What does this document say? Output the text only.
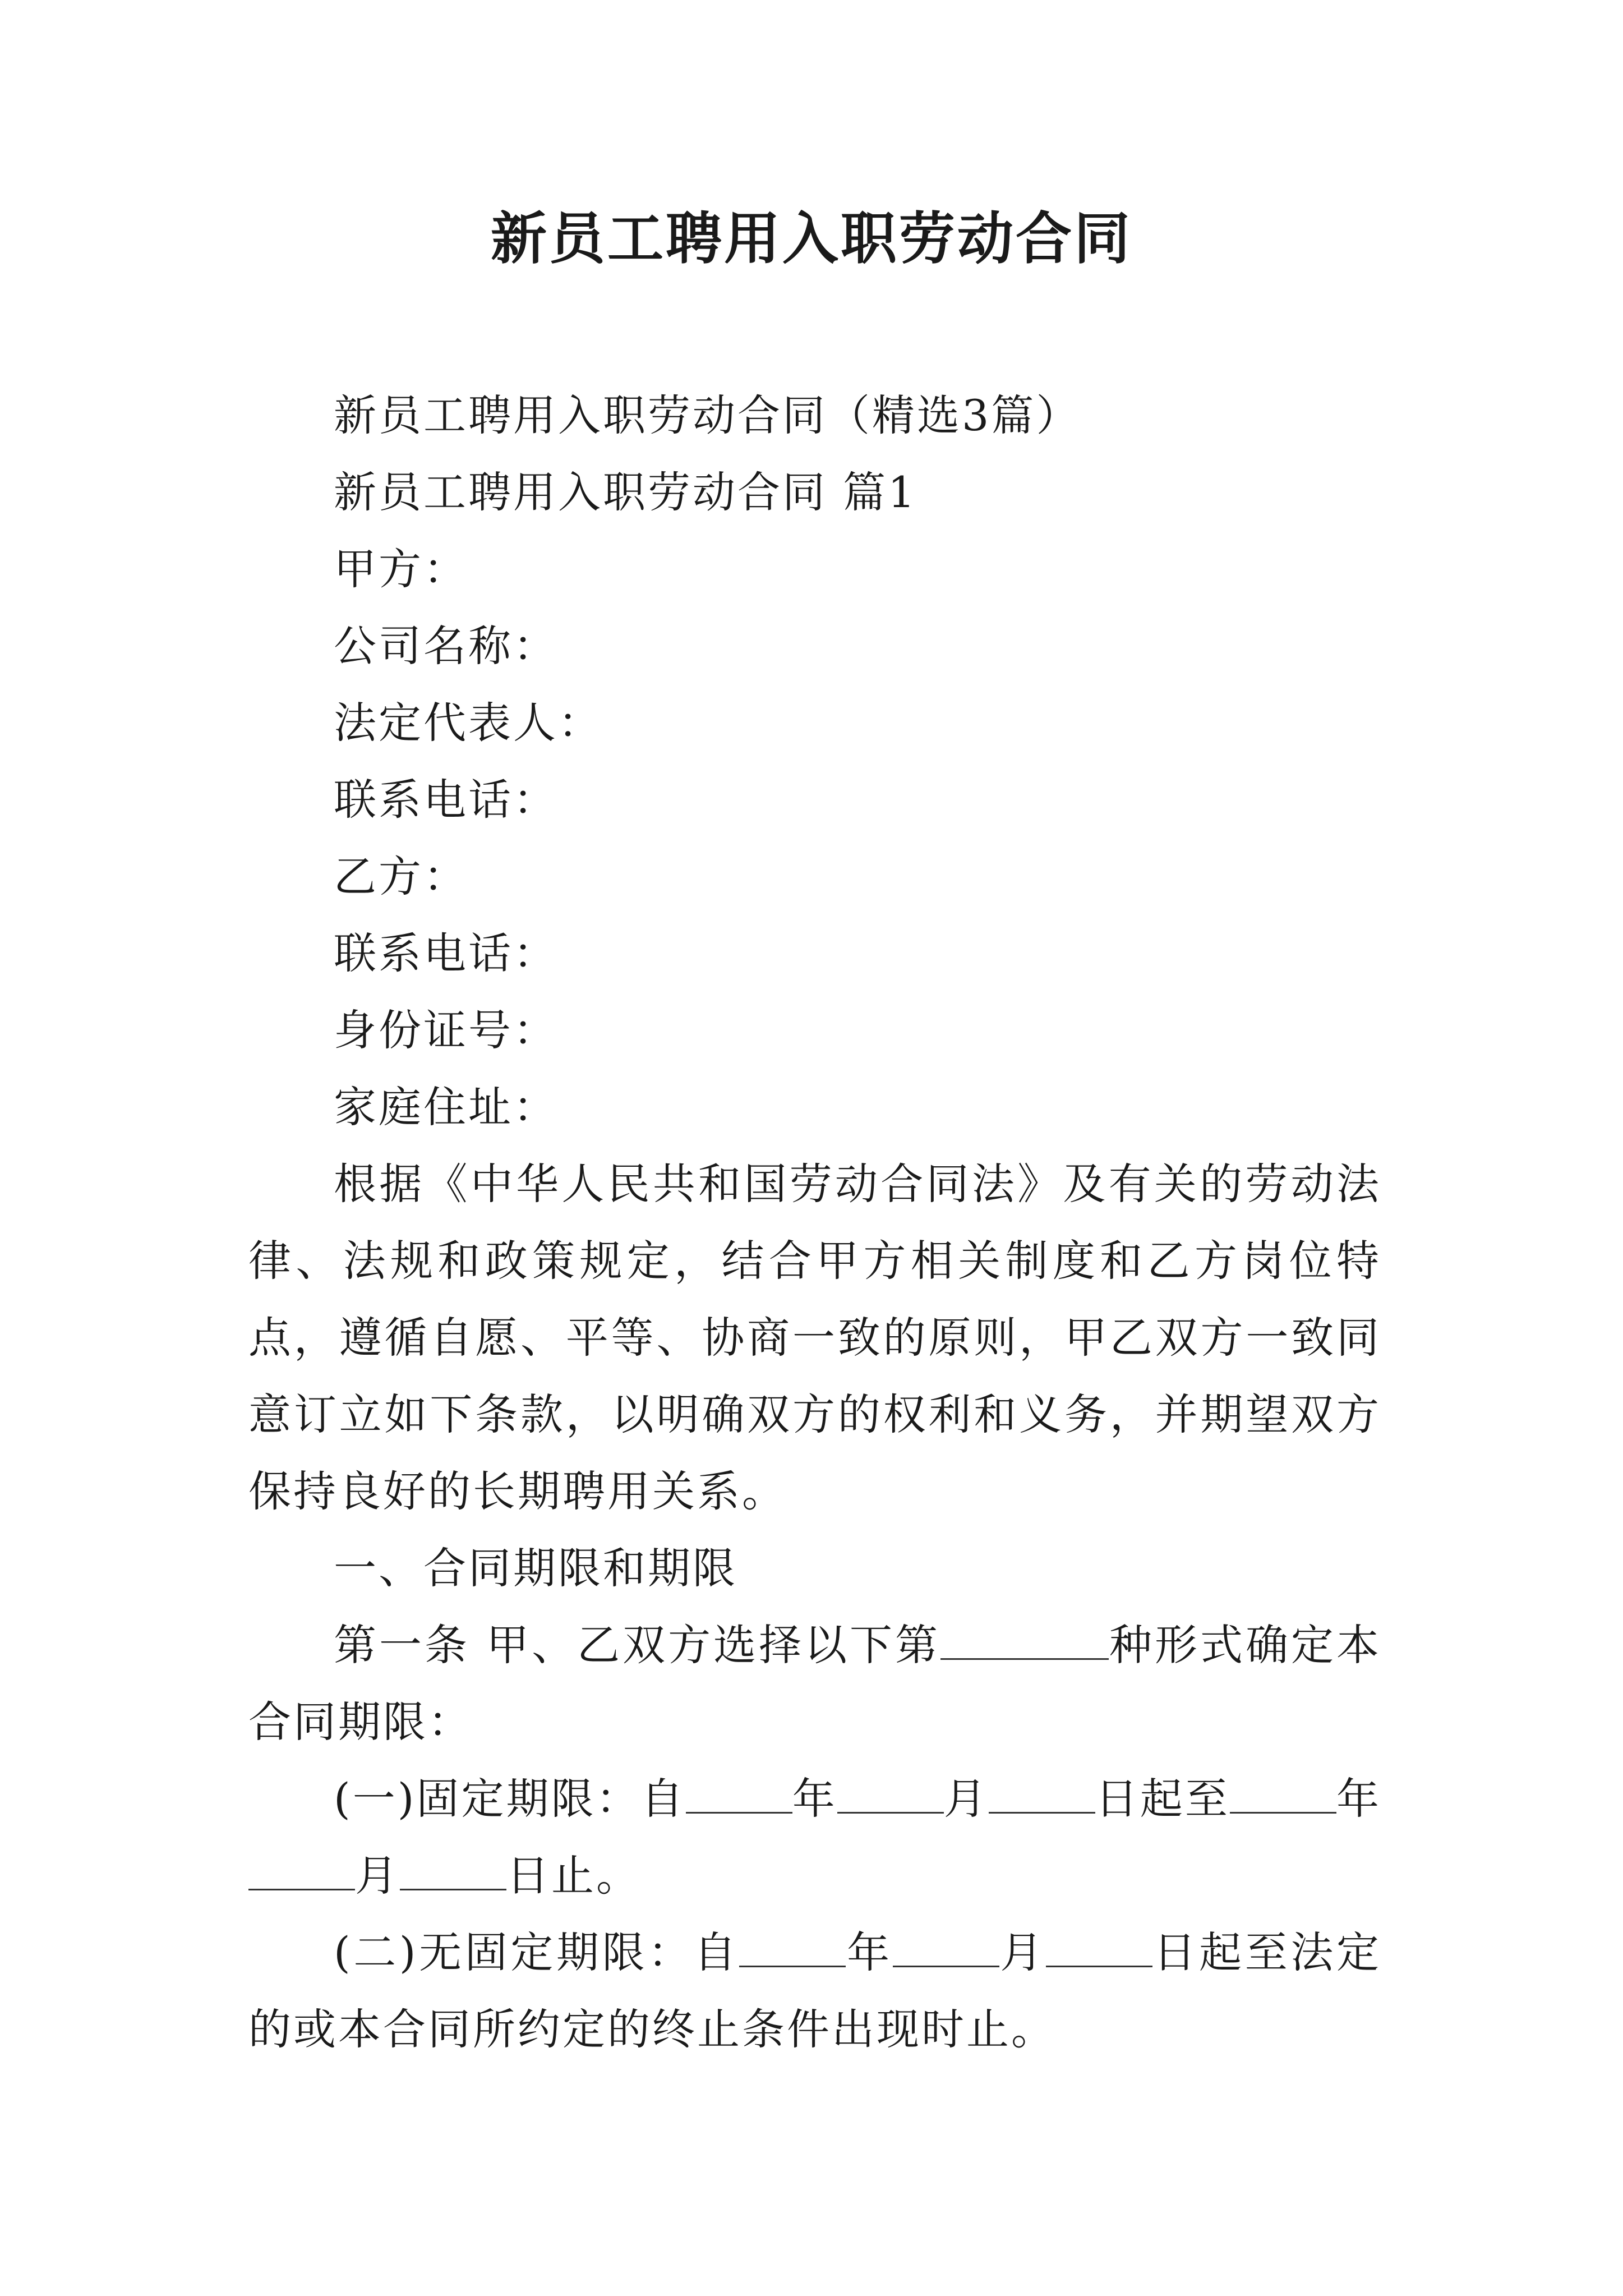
新员工聘用入职劳动合同

新员工聘用入职劳动合同（精选3篇）

新员工聘用入职劳动合同 篇1

甲方：

公司名称：

法定代表人：

联系电话：

乙方：

联系电话：

身份证号：

家庭住址：

根据《中华人民共和国劳动合同法》及有关的劳动法律、法规和政策规定，结合甲方相关制度和乙方岗位特点，遵循自愿、平等、协商一致的原则，甲乙双方一致同意订立如下条款，以明确双方的权利和义务，并期望双方保持良好的长期聘用关系。

一、合同期限和期限

第一条 甲、乙双方选择以下第	种形式确定本合同期限：

(一)固定期限：自	年	月	日起至	年月	日止。

(二)无固定期限：自	年	月	日起至法定的或本合同所约定的终止条件出现时止。
